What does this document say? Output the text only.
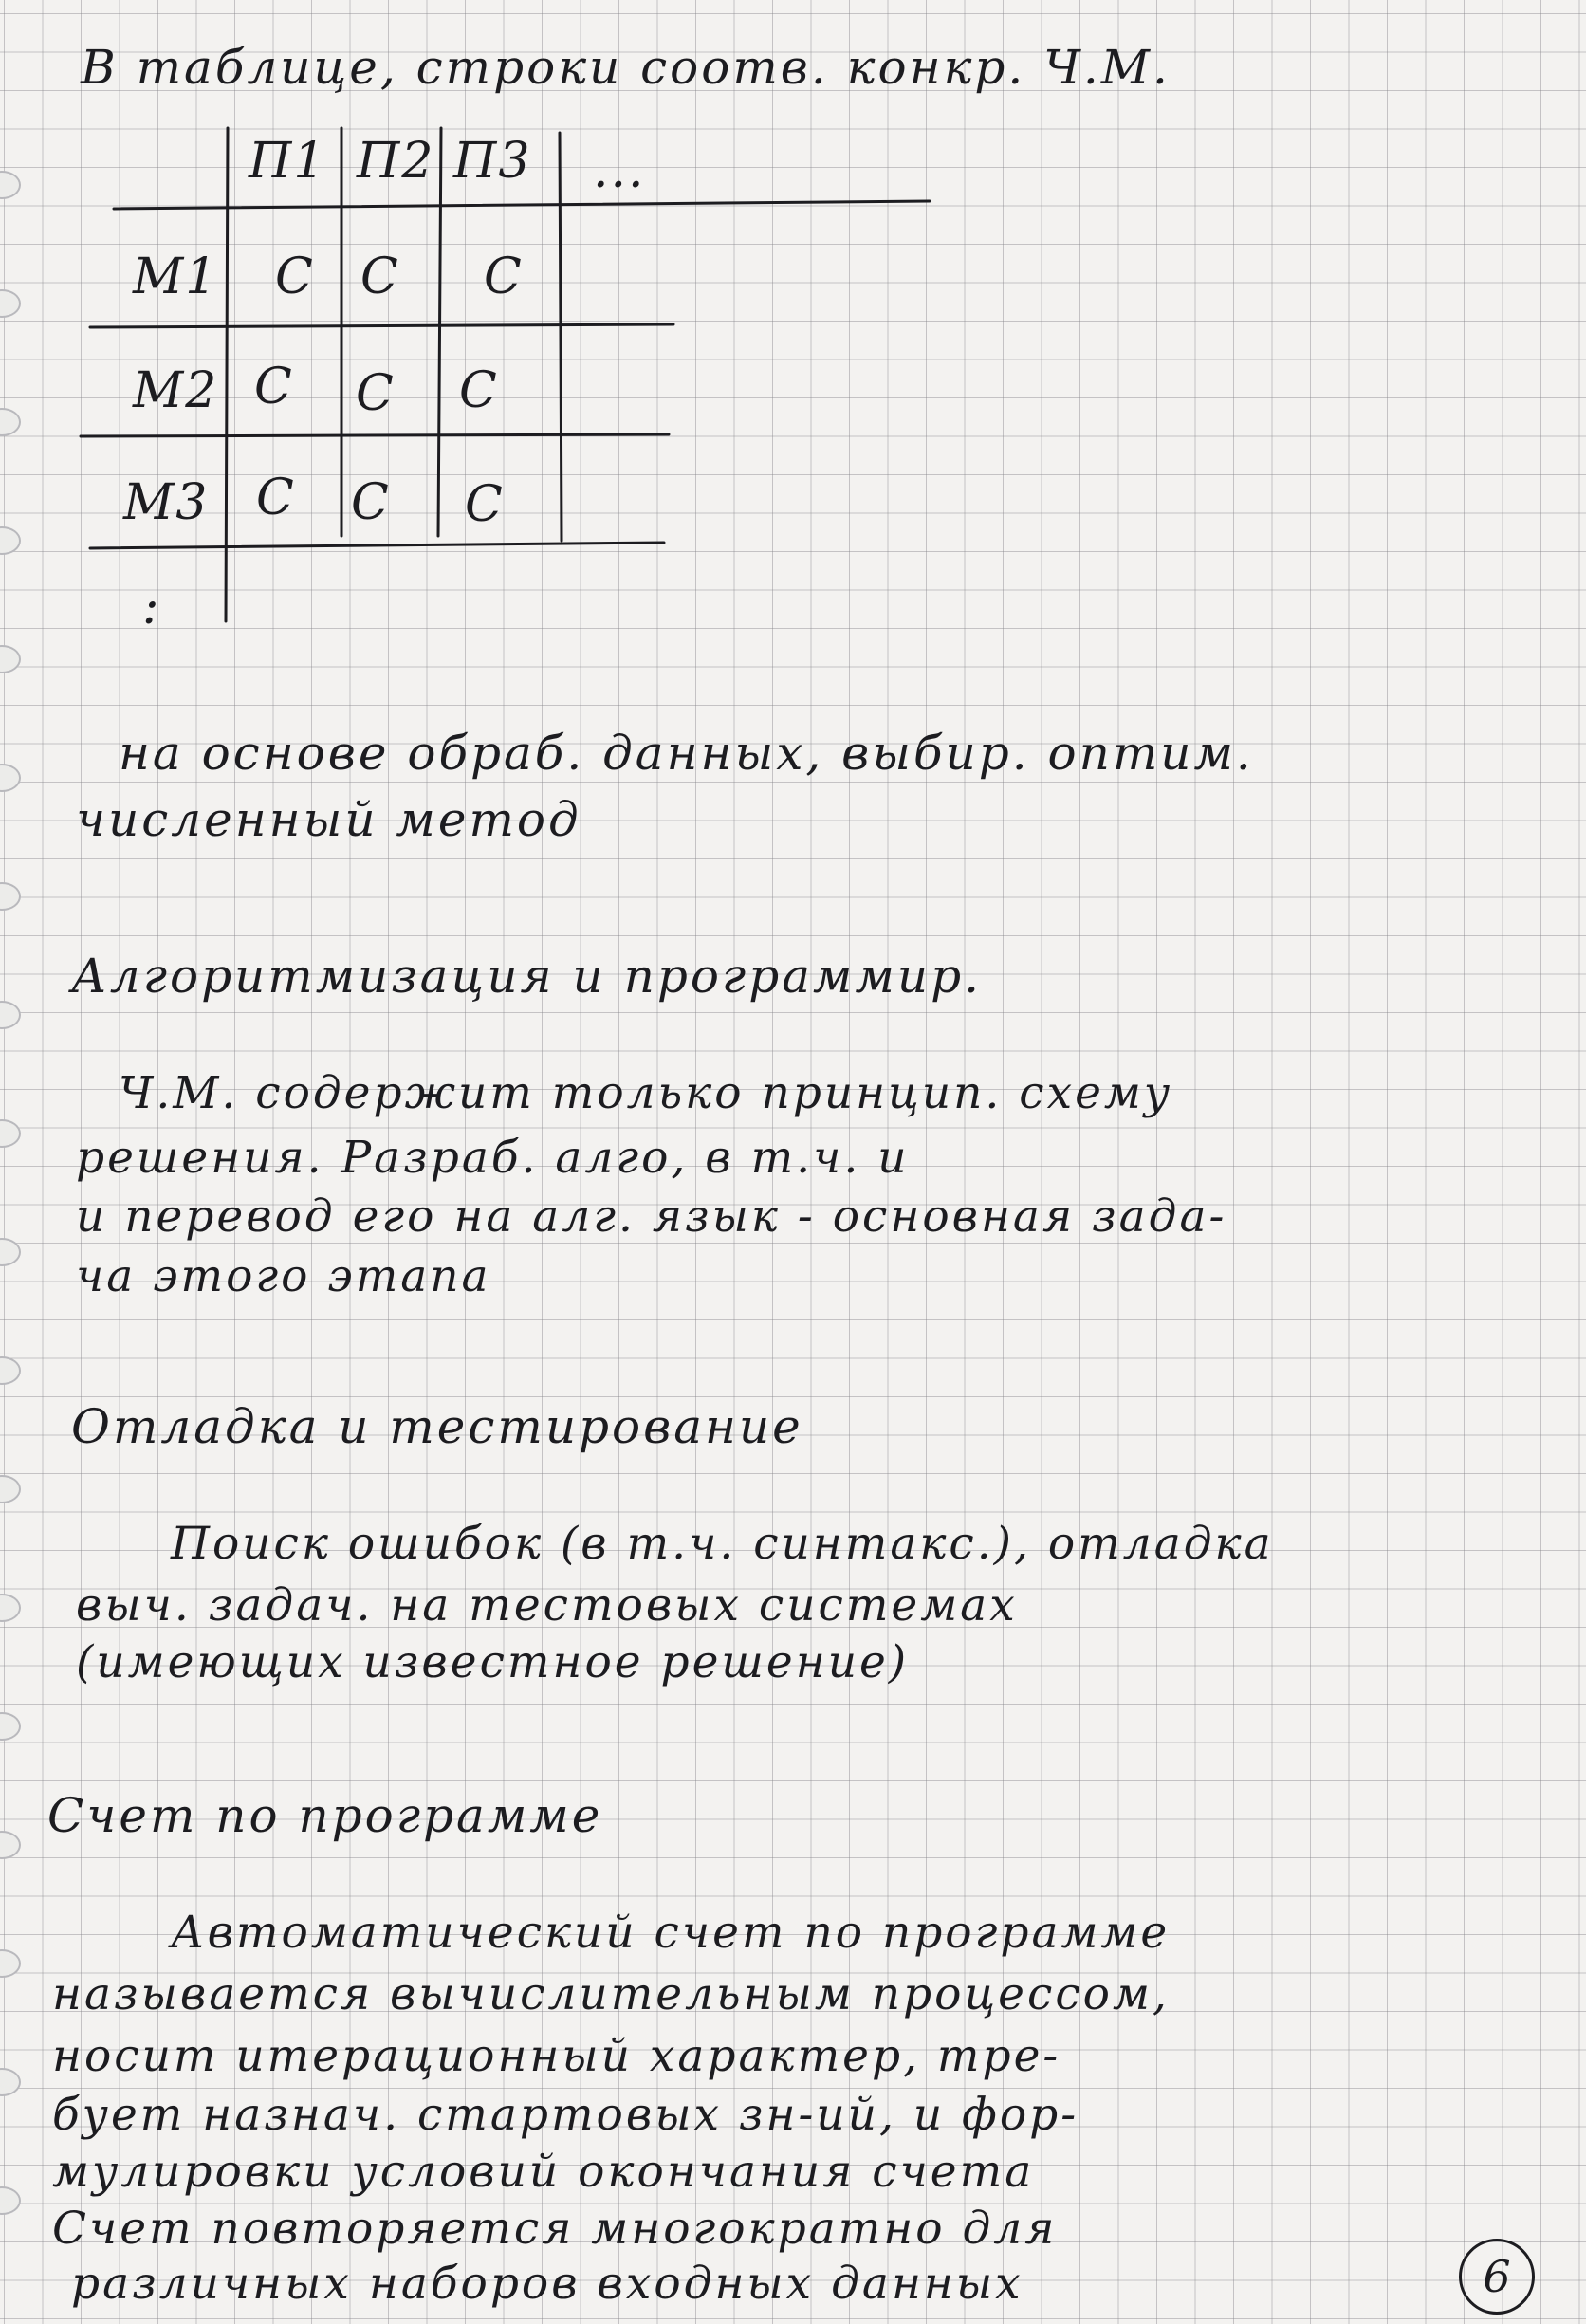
В таблице, строки соотв. конкр. Ч.М.
П1 П2 П3 ...
М1
М2
М3
С С С
С С С
С С С
:
на основе обраб. данных, выбир. оптим.
численный метод
Алгоритмизация и программир.
Ч.М. содержит только принцип. схему
решения. Разраб. алго, в т.ч. и
и перевод его на алг. язык - основная зада-
ча этого этапа
Отладка и тестирование
Поиск ошибок (в т.ч. синтакс.), отладка
выч. задач. на тестовых системах
(имеющих известное решение)
Счет по программе
Автоматический счет по программе
называется вычислительным процессом,
носит итерационный характер, тре-
бует назнач. стартовых зн-ий, и фор-
мулировки условий окончания счета
Счет повторяется многократно для
различных наборов входных данных	6
